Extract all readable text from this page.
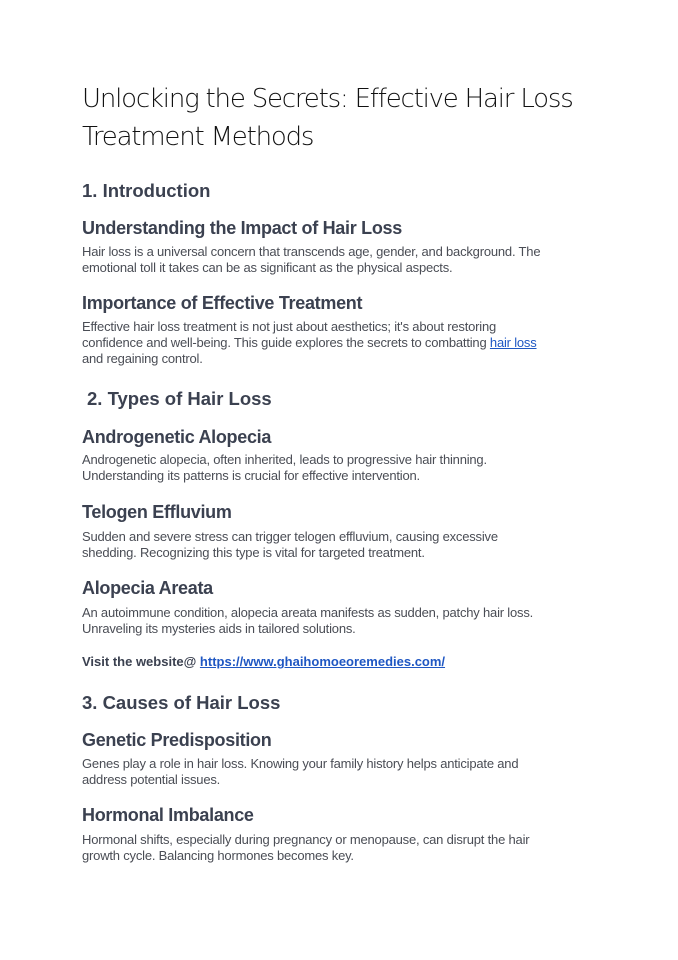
Unlocking the Secrets: Effective Hair Loss
Treatment Methods
1. Introduction
Understanding the Impact of Hair Loss
Hair loss is a universal concern that transcends age, gender, and background. The
emotional toll it takes can be as significant as the physical aspects.
Importance of Effective Treatment
Effective hair loss treatment is not just about aesthetics; it's about restoring
confidence and well-being. This guide explores the secrets to combatting hair loss
and regaining control.
2. Types of Hair Loss
Androgenetic Alopecia
Androgenetic alopecia, often inherited, leads to progressive hair thinning.
Understanding its patterns is crucial for effective intervention.
Telogen Effluvium
Sudden and severe stress can trigger telogen effluvium, causing excessive
shedding. Recognizing this type is vital for targeted treatment.
Alopecia Areata
An autoimmune condition, alopecia areata manifests as sudden, patchy hair loss.
Unraveling its mysteries aids in tailored solutions.
Visit the website@ https://www.ghaihomoeoremedies.com/
3. Causes of Hair Loss
Genetic Predisposition
Genes play a role in hair loss. Knowing your family history helps anticipate and
address potential issues.
Hormonal Imbalance
Hormonal shifts, especially during pregnancy or menopause, can disrupt the hair
growth cycle. Balancing hormones becomes key.
